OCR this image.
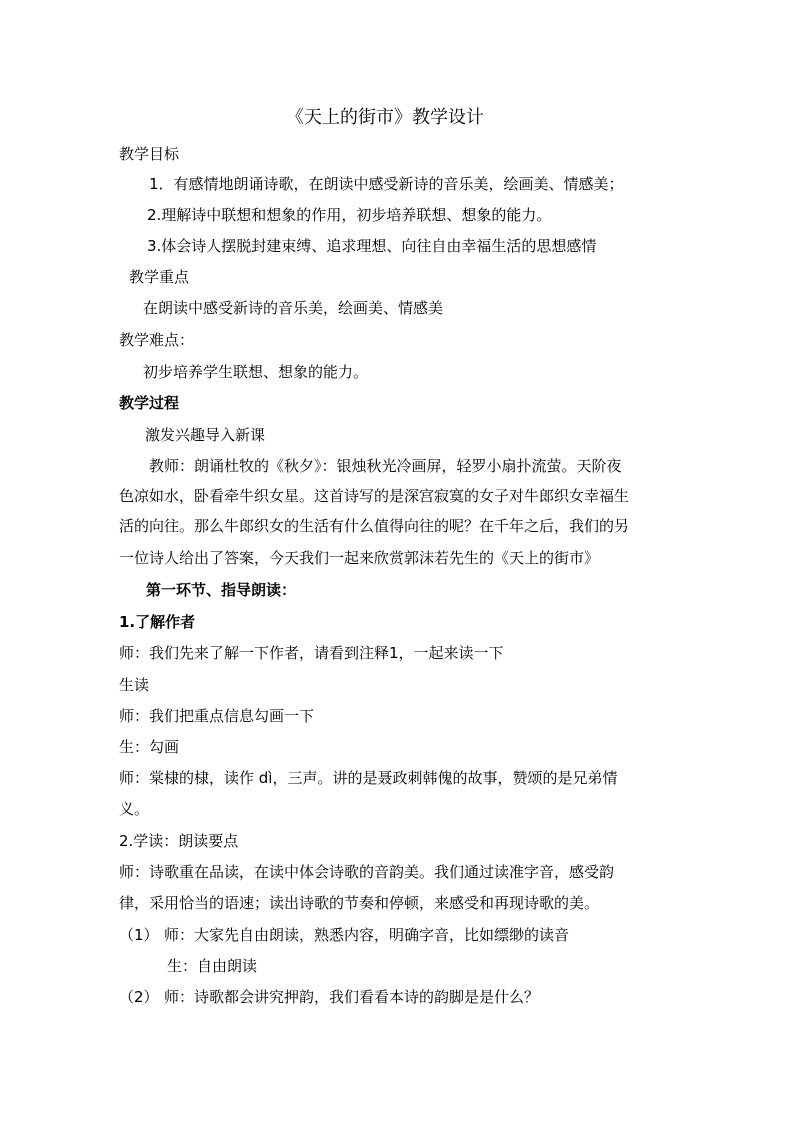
《天上的街市》教学设计
教学目标
1．有感情地朗诵诗歌，在朗读中感受新诗的音乐美，绘画美、情感美；
2.理解诗中联想和想象的作用，初步培养联想、想象的能力。
3.体会诗人摆脱封建束缚、追求理想、向往自由幸福生活的思想感情
教学重点
在朗读中感受新诗的音乐美，绘画美、情感美
教学难点：
初步培养学生联想、想象的能力。
教学过程
激发兴趣导入新课
教师：朗诵杜牧的《秋夕》：银烛秋光冷画屏，轻罗小扇扑流萤。天阶夜
色凉如水，卧看牵牛织女星。这首诗写的是深宫寂寞的女子对牛郎织女幸福生
活的向往。那么牛郎织女的生活有什么值得向往的呢？在千年之后，我们的另
一位诗人给出了答案，今天我们一起来欣赏郭沫若先生的《天上的街市》
第一环节、指导朗读：
1.了解作者
师：我们先来了解一下作者，请看到注释1，一起来读一下
生读
师：我们把重点信息勾画一下
生：勾画
师：棠棣的棣，读作 dì，三声。讲的是聂政刺韩傀的故事，赞颂的是兄弟情
义。
2.学读：朗读要点
师：诗歌重在品读，在读中体会诗歌的音韵美。我们通过读准字音，感受韵
律，采用恰当的语速；读出诗歌的节奏和停顿，来感受和再现诗歌的美。
（1） 师：大家先自由朗读，熟悉内容，明确字音，比如缥缈的读音
生：自由朗读
（2） 师：诗歌都会讲究押韵，我们看看本诗的韵脚是是什么？
